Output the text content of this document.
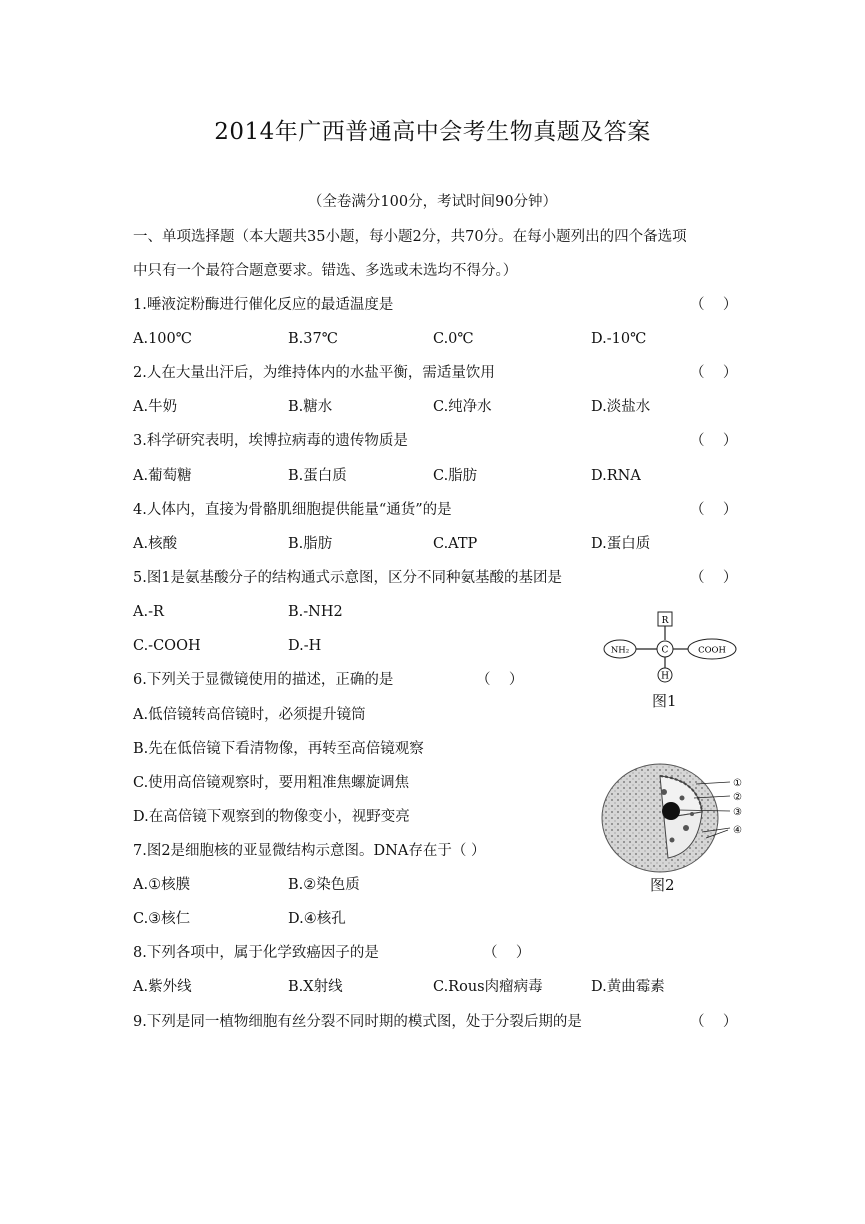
2014年广西普通高中会考生物真题及答案
（全卷满分100分，考试时间90分钟）
一、单项选择题（本大题共35小题，每小题2分，共70分。在每小题列出的四个备选项
中只有一个最符合题意要求。错选、多选或未选均不得分。）
1.唾液淀粉酶进行催化反应的最适温度是	（    ）
A.100℃	B.37℃	C.0℃	D.-10℃
2.人在大量出汗后，为维持体内的水盐平衡，需适量饮用	（    ）
A.牛奶	B.糖水	C.纯净水	D.淡盐水
3.科学研究表明，埃博拉病毒的遗传物质是	（    ）
A.葡萄糖	B.蛋白质	C.脂肪	D.RNA
4.人体内，直接为骨骼肌细胞提供能量“通货”的是	（    ）
A.核酸	B.脂肪	C.ATP	D.蛋白质
5.图1是氨基酸分子的结构通式示意图，区分不同种氨基酸的基团是	（    ）
A.-R	B.-NH2
C.-COOH	D.-H
R
C
NH₂	COOH
H
图1
6.下列关于显微镜使用的描述，正确的是	（    ）
A.低倍镜转高倍镜时，必须提升镜筒
B.先在低倍镜下看清物像，再转至高倍镜观察
C.使用高倍镜观察时，要用粗准焦螺旋调焦
D.在高倍镜下观察到的物像变小，视野变亮
①
②
③
④
图2
7.图2是细胞核的亚显微结构示意图。DNA存在于（ ）
A.①核膜	B.②染色质
C.③核仁	D.④核孔
8.下列各项中，属于化学致癌因子的是	（    ）
A.紫外线	B.X射线	C.Rous肉瘤病毒	D.黄曲霉素
9.下列是同一植物细胞有丝分裂不同时期的模式图，处于分裂后期的是	（    ）
